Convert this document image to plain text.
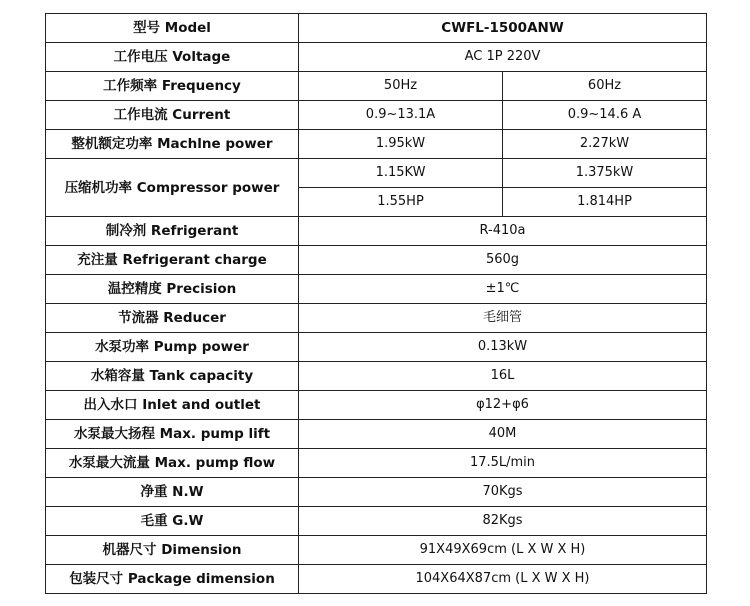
型号 Model	CWFL-1500ANW	
工作电压 Voltage	AC 1P 220V	
工作频率 Frequency	50Hz	60Hz
工作电流 Current	0.9~13.1A	0.9~14.6 A
整机额定功率 Machlne power	1.95kW	2.27kW
压缩机功率 Compressor power	1.15KW	1.375kW
	1.55HP	1.814HP
制冷剂 Refrigerant	R-410a	
充注量 Refrigerant charge	560g	
温控精度 Precision	±1℃	
节流器 Reducer	毛细管	
水泵功率 Pump power	0.13kW	
水箱容量 Tank capacity	16L	
出入水口 Inlet and outlet	φ12+φ6	
水泵最大扬程 Max. pump lift	40M	
水泵最大流量 Max. pump flow	17.5L/min	
净重 N.W	70Kgs	
毛重 G.W	82Kgs	
机器尺寸 Dimension	91X49X69cm (L X W X H)	
包装尺寸 Package dimension	104X64X87cm (L X W X H)	
